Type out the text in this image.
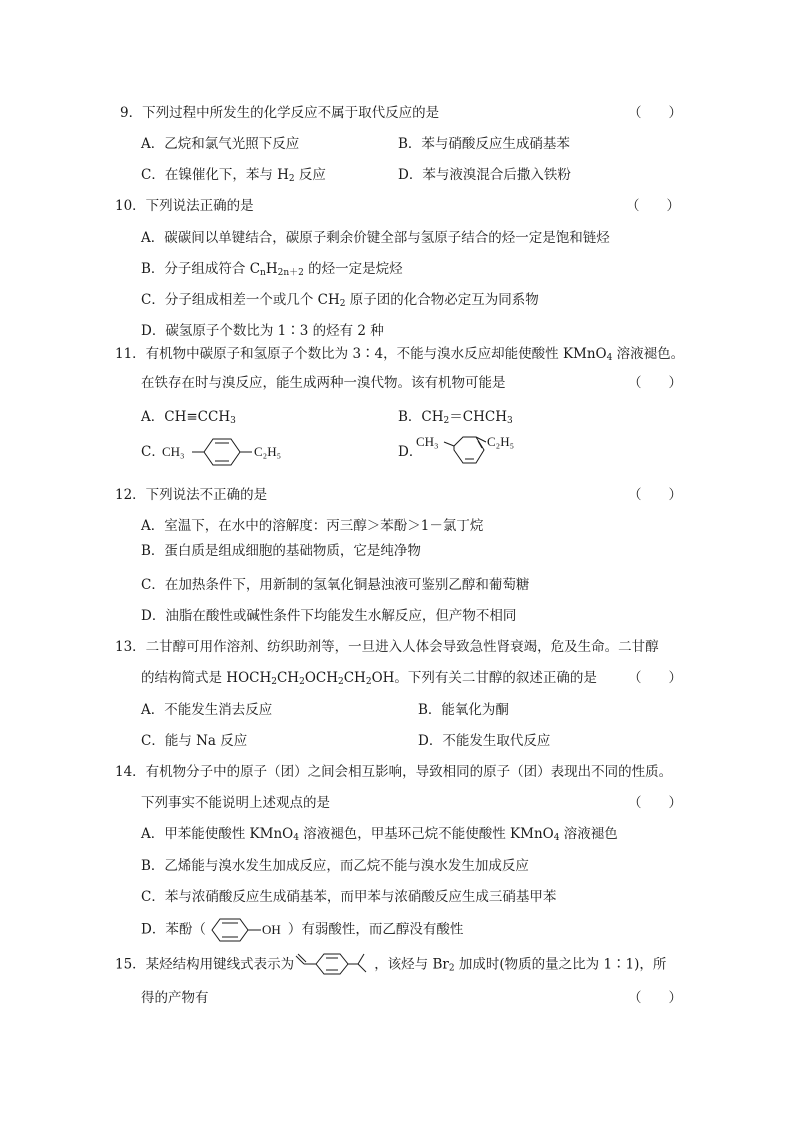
9．下列过程中所发生的化学反应不属于取代反应的是	（　　）
A．乙烷和氯气光照下反应	B．苯与硝酸反应生成硝基苯
C．在镍催化下，苯与 $H_2$ 反应	D．苯与液溴混合后撒入铁粉
10．下列说法正确的是	（　　）
A．碳碳间以单键结合，碳原子剩余价键全部与氢原子结合的烃一定是饱和链烃
B．分子组成符合 $C_nH_{2n+2}$ 的烃一定是烷烃
C．分子组成相差一个或几个 $CH_2$ 原子团的化合物必定互为同系物
D．碳氢原子个数比为 1∶3 的烃有 2 种
11．有机物中碳原子和氢原子个数比为 3∶4，不能与溴水反应却能使酸性 KMnO$_4$ 溶液褪色。
在铁存在时与溴反应，能生成两种一溴代物。该有机物可能是	（　　）
A．$CH\equiv CCH_3$	B．$CH_2=CHCH_3$
C．
CH₃	C₂H₅	D．
CH₃	C₂H₅
12．下列说法不正确的是	（　　）
A．室温下，在水中的溶解度：丙三醇＞苯酚＞1－氯丁烷
B．蛋白质是组成细胞的基础物质，它是纯净物
C．在加热条件下，用新制的氢氧化铜悬浊液可鉴别乙醇和葡萄糖
D．油脂在酸性或碱性条件下均能发生水解反应，但产物不相同
13．二甘醇可用作溶剂、纺织助剂等，一旦进入人体会导致急性肾衰竭，危及生命。二甘醇
的结构简式是 $HOCH_2CH_2OCH_2CH_2OH$。下列有关二甘醇的叙述正确的是 （　　）
A．不能发生消去反应	B．能氧化为酮
C．能与 Na 反应	D．不能发生取代反应
14．有机物分子中的原子（团）之间会相互影响，导致相同的原子（团）表现出不同的性质。
下列事实不能说明上述观点的是	（　　）
A．甲苯能使酸性 KMnO$_4$ 溶液褪色，甲基环己烷不能使酸性 KMnO$_4$ 溶液褪色
B．乙烯能与溴水发生加成反应，而乙烷不能与溴水发生加成反应
C．苯与浓硝酸反应生成硝基苯，而甲苯与浓硝酸反应生成三硝基甲苯
D．苯酚（	OH ）有弱酸性，而乙醇没有酸性
15．某烃结构用键线式表示为	，该烃与 $Br_2$ 加成时(物质的量之比为 1∶1)，所
得的产物有	（　　）
